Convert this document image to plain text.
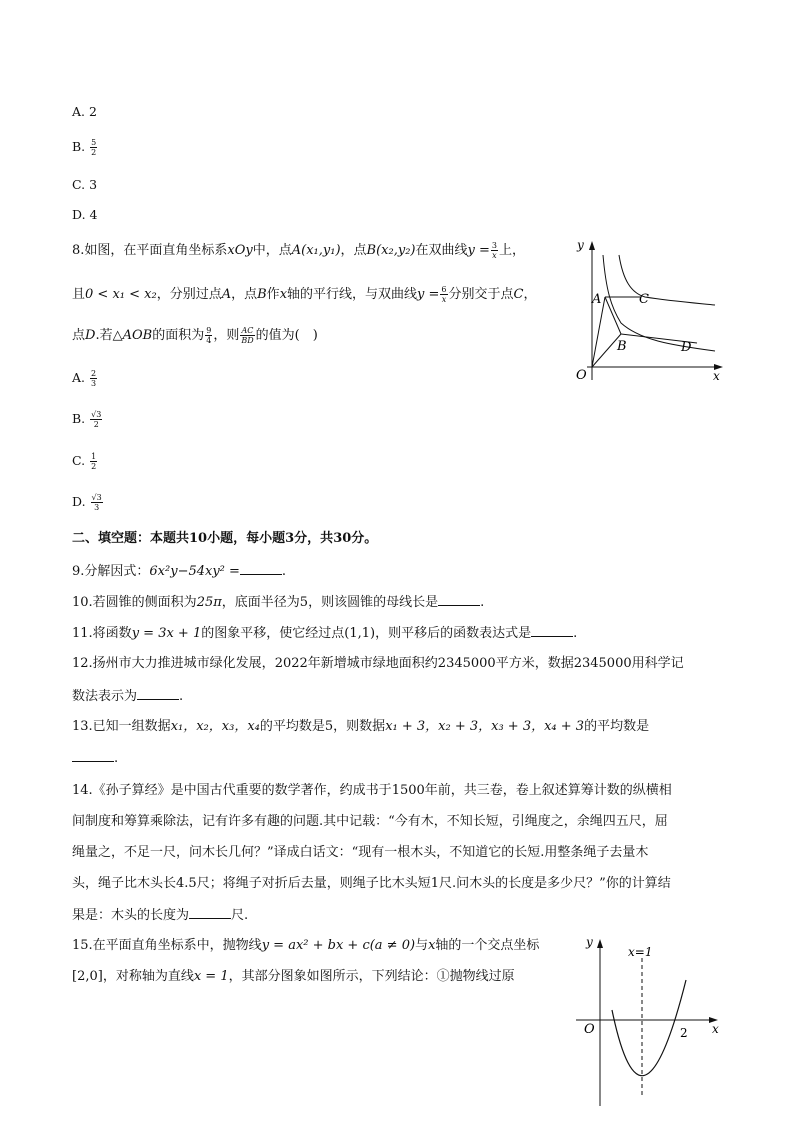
A. 2
B. $\frac{5}{2}$
C. 3
D. 4
8.如图，在平面直角坐标系xOy中，点A(x₁,y₁)，点B(x₂,y₂)在双曲线$y = \frac{3}{x}$ 上，
且0 < x₁ < x₂，分别过点A，点B作x轴的平行线，与双曲线$y = \frac{6}{x}$ 分别交于点C，
点D.若△AOB的面积为 $\frac{9}{4}$ ，则 $\frac{AC}{BD}$ 的值为(　)
A. $\frac{2}{3}$
B. $\frac{√3}{2}$
C. $\frac{1}{2}$
D. $\frac{√3}{3}$
y
x
O
A
B
C
D
二、填空题：本题共10小题，每小题3分，共30分。
9.分解因式：6x²y−54xy² =	.
10.若圆锥的侧面积为25π，底面半径为5，则该圆锥的母线长是	.
11.将函数y = 3x + 1的图象平移，使它经过点(1,1)，则平移后的函数表达式是	.
12.扬州市大力推进城市绿化发展，2022年新增城市绿地面积约2345000平方米，数据2345000用科学记
数法表示为	.
13.已知一组数据x₁，x₂，x₃，x₄的平均数是5，则数据x₁ + 3，x₂ + 3，x₃ + 3，x₄ + 3的平均数是
.
14.《孙子算经》是中国古代重要的数学著作，约成书于1500年前，共三卷，卷上叙述算筹计数的纵横相
间制度和筹算乘除法，记有许多有趣的问题.其中记载：“今有木，不知长短，引绳度之，余绳四五尺，屈
绳量之，不足一尺，问木长几何？”译成白话文：“现有一根木头，不知道它的长短.用整条绳子去量木
头，绳子比木头长4.5尺；将绳子对折后去量，则绳子比木头短1尺.问木头的长度是多少尺？”你的计算结
果是：木头的长度为	尺.
15.在平面直角坐标系中，抛物线y = ax² + bx + c(a ≠ 0)与x轴的一个交点坐标
[2,0]，对称轴为直线x = 1，其部分图象如图所示，下列结论：①抛物线过原
y
x
O	2
x=1
